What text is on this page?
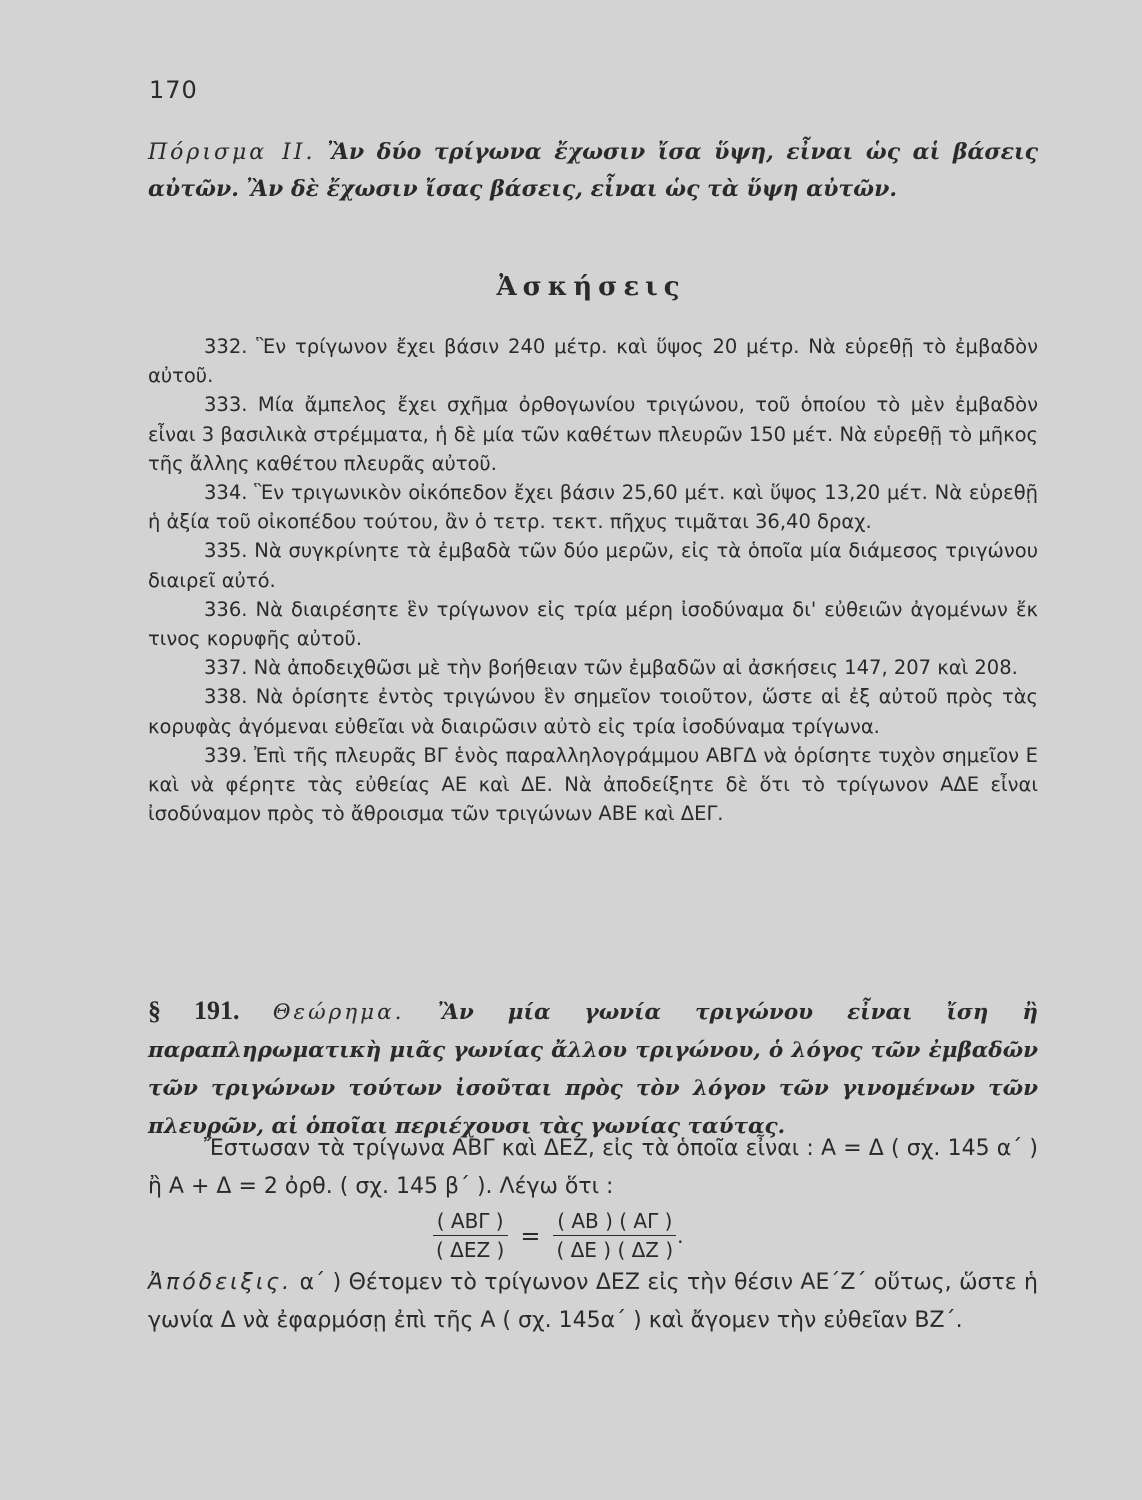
170
Πόρισμα II. Ἂν δύο τρίγωνα ἔχωσιν ἴσα ὕψη, εἶναι ὡς αἱ βάσεις αὐτῶν. Ἂν δὲ ἔχωσιν ἴσας βάσεις, εἶναι ὡς τὰ ὕψη αὐτῶν.
Ἀσκήσεις

332. Ἓν τρίγωνον ἔχει βάσιν 240 μέτρ. καὶ ὕψος 20 μέτρ. Νὰ εὑρεθῇ τὸ ἐμβαδὸν αὐτοῦ.

333. Μία ἄμπελος ἔχει σχῆμα ὀρθογωνίου τριγώνου, τοῦ ὁποίου τὸ μὲν ἐμβαδὸν εἶναι 3 βασιλικὰ στρέμματα, ἡ δὲ μία τῶν καθέτων πλευρῶν 150 μέτ. Νὰ εὑρεθῇ τὸ μῆκος τῆς ἄλλης καθέτου πλευρᾶς αὐτοῦ.

334. Ἓν τριγωνικὸν οἰκόπεδον ἔχει βάσιν 25,60 μέτ. καὶ ὕψος 13,20 μέτ. Νὰ εὑρεθῇ ἡ ἀξία τοῦ οἰκοπέδου τούτου, ἂν ὁ τετρ. τεκτ. πῆχυς τιμᾶται 36,40 δραχ.

335. Νὰ συγκρίνητε τὰ ἐμβαδὰ τῶν δύο μερῶν, εἰς τὰ ὁποῖα μία διάμεσος τριγώνου διαιρεῖ αὐτό.

336. Νὰ διαιρέσητε ἓν τρίγωνον εἰς τρία μέρη ἰσοδύναμα δι' εὐθειῶν ἀγομένων ἔκ τινος κορυφῆς αὐτοῦ.

337. Νὰ ἀποδειχθῶσι μὲ τὴν βοήθειαν τῶν ἐμβαδῶν αἱ ἀσκήσεις 147, 207 καὶ 208.

338. Νὰ ὁρίσητε ἐντὸς τριγώνου ἓν σημεῖον τοιοῦτον, ὥστε αἱ ἐξ αὐτοῦ πρὸς τὰς κορυφὰς ἀγόμεναι εὐθεῖαι νὰ διαιρῶσιν αὐτὸ εἰς τρία ἰσοδύναμα τρίγωνα.

339. Ἐπὶ τῆς πλευρᾶς ΒΓ ἑνὸς παραλληλογράμμου ΑΒΓΔ νὰ ὁρίσητε τυχὸν σημεῖον Ε καὶ νὰ φέρητε τὰς εὐθείας ΑΕ καὶ ΔΕ. Νὰ ἀποδείξητε δὲ ὅτι τὸ τρίγωνον ΑΔΕ εἶναι ἰσοδύναμον πρὸς τὸ ἄθροισμα τῶν τριγώνων ΑΒΕ καὶ ΔΕΓ.

§ 191. Θεώρημα. Ἂν μία γωνία τριγώνου εἶναι ἴση ἢ παραπληρωματικὴ μιᾶς γωνίας ἄλλου τριγώνου, ὁ λόγος τῶν ἐμβαδῶν τῶν τριγώνων τούτων ἰσοῦται πρὸς τὸν λόγον τῶν γινομένων τῶν πλευρῶν, αἱ ὁποῖαι περιέχουσι τὰς γωνίας ταύτας.

Ἔστωσαν τὰ τρίγωνα ΑΒΓ καὶ ΔΕΖ, εἰς τὰ ὁποῖα εἶναι : Α = Δ ( σχ. 145 α΄ ) ἢ Α + Δ = 2 ὀρθ. ( σχ. 145 β΄ ). Λέγω ὅτι :

$\frac{\text{( ΑΒΓ )}}{\text{( ΔΕΖ )}} = \frac{( AB ) ( A\Gamma )}{( \Delta E ) ( \Delta Z )}$ .

Ἀπόδειξις. α΄ ) Θέτομεν τὸ τρίγωνον ΔΕΖ εἰς τὴν θέσιν ΑΕ΄Ζ΄ οὕτως, ὥστε ἡ γωνία Δ νὰ ἐφαρμόσῃ ἐπὶ τῆς Α ( σχ. 145α΄ ) καὶ ἄγομεν τὴν εὐθεῖαν ΒΖ΄.
